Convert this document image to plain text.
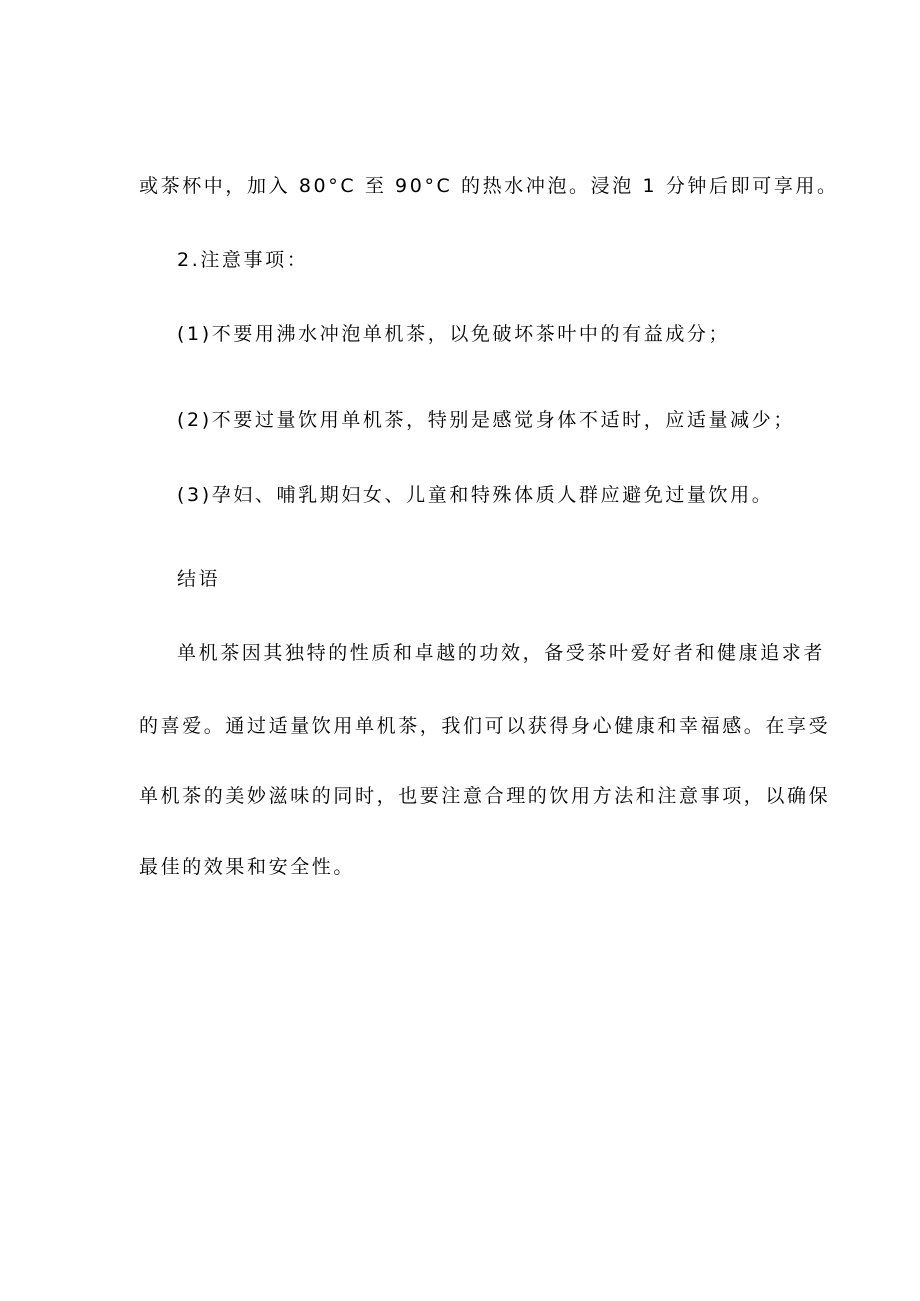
或茶杯中，加入 80°C 至 90°C 的热水冲泡。浸泡 1 分钟后即可享用。
2.注意事项：
(1)不要用沸水冲泡单机茶，以免破坏茶叶中的有益成分；
(2)不要过量饮用单机茶，特别是感觉身体不适时，应适量减少；
(3)孕妇、哺乳期妇女、儿童和特殊体质人群应避免过量饮用。
结语
单机茶因其独特的性质和卓越的功效，备受茶叶爱好者和健康追求者
的喜爱。通过适量饮用单机茶，我们可以获得身心健康和幸福感。在享受
单机茶的美妙滋味的同时，也要注意合理的饮用方法和注意事项，以确保
最佳的效果和安全性。
